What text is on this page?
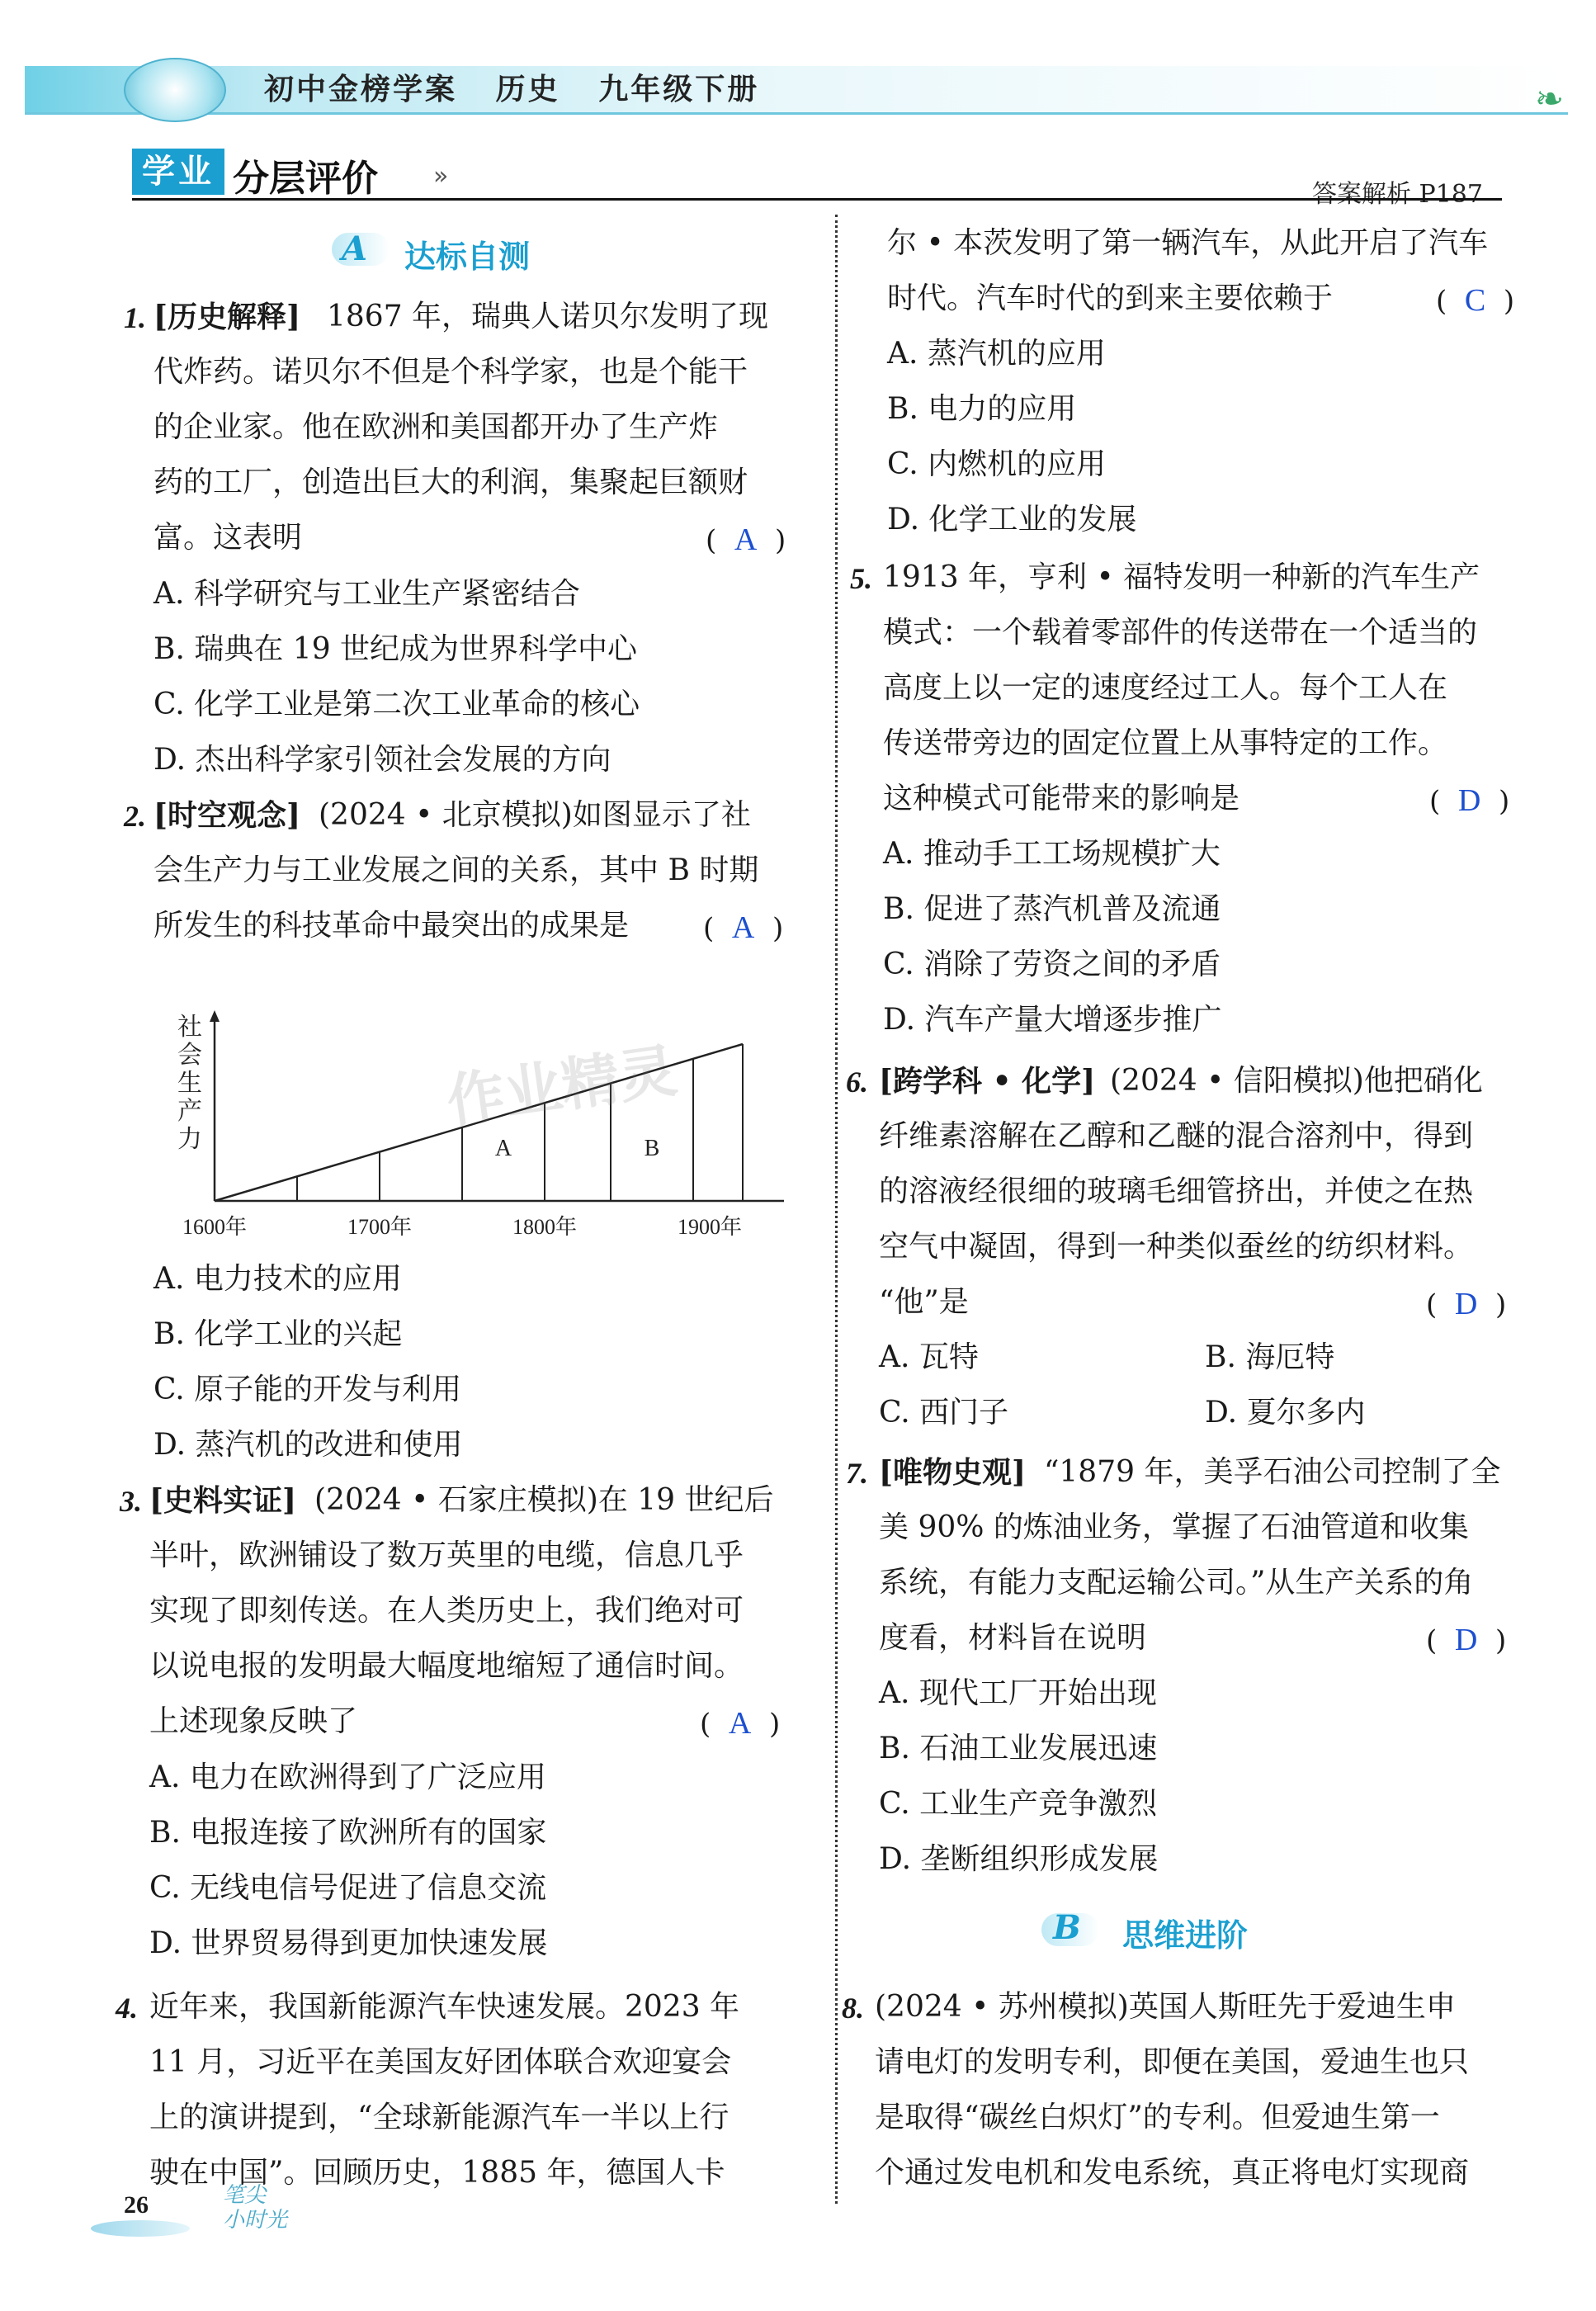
初中金榜学案   历史   九年级下册	❧
学业 分层评价 »
答案解析 P187
A 达标自测
1. [历史解释] 1867 年，瑞典人诺贝尔发明了现
代炸药。诺贝尔不但是个科学家，也是个能干
的企业家。他在欧洲和美国都开办了生产炸
药的工厂，创造出巨大的利润，集聚起巨额财
富。这表明	(  A  )
A. 科学研究与工业生产紧密结合
B. 瑞典在 19 世纪成为世界科学中心
C. 化学工业是第二次工业革命的核心
D. 杰出科学家引领社会发展的方向
2. [时空观念] (2024 • 北京模拟)如图显示了社
会生产力与工业发展之间的关系，其中 B 时期
所发生的科技革命中最突出的成果是	(  A  )
社
会
生
产
力	A	B
1600年	1700年	1800年	1900年
作业精灵
A. 电力技术的应用
B. 化学工业的兴起
C. 原子能的开发与利用
D. 蒸汽机的改进和使用
3. [史料实证] (2024 • 石家庄模拟)在 19 世纪后
半叶，欧洲铺设了数万英里的电缆，信息几乎
实现了即刻传送。在人类历史上，我们绝对可
以说电报的发明最大幅度地缩短了通信时间。
上述现象反映了	(  A  )
A. 电力在欧洲得到了广泛应用
B. 电报连接了欧洲所有的国家
C. 无线电信号促进了信息交流
D. 世界贸易得到更加快速发展
4. 近年来，我国新能源汽车快速发展。2023 年
11 月，习近平在美国友好团体联合欢迎宴会
上的演讲提到，“全球新能源汽车一半以上行
驶在中国”。回顾历史，1885 年，德国人卡
尔 • 本茨发明了第一辆汽车，从此开启了汽车
时代。汽车时代的到来主要依赖于	(  C  )
A. 蒸汽机的应用
B. 电力的应用
C. 内燃机的应用
D. 化学工业的发展
5. 1913 年，亨利 • 福特发明一种新的汽车生产
模式：一个载着零部件的传送带在一个适当的
高度上以一定的速度经过工人。每个工人在
传送带旁边的固定位置上从事特定的工作。
这种模式可能带来的影响是	(  D  )
A. 推动手工工场规模扩大
B. 促进了蒸汽机普及流通
C. 消除了劳资之间的矛盾
D. 汽车产量大增逐步推广
6. [跨学科 • 化学] (2024 • 信阳模拟)他把硝化
纤维素溶解在乙醇和乙醚的混合溶剂中，得到
的溶液经很细的玻璃毛细管挤出，并使之在热
空气中凝固，得到一种类似蚕丝的纺织材料。
“他”是	(  D  )
A. 瓦特	B. 海厄特
C. 西门子	D. 夏尔多内
7. [唯物史观] “1879 年，美孚石油公司控制了全
美 90% 的炼油业务，掌握了石油管道和收集
系统，有能力支配运输公司。”从生产关系的角
度看，材料旨在说明	(  D  )
A. 现代工厂开始出现
B. 石油工业发展迅速
C. 工业生产竞争激烈
D. 垄断组织形成发展
B 思维进阶
8. (2024 • 苏州模拟)英国人斯旺先于爱迪生申
请电灯的发明专利，即便在美国，爱迪生也只
是取得“碳丝白炽灯”的专利。但爱迪生第一
个通过发电机和发电系统，真正将电灯实现商
26	笔尖
小时光
